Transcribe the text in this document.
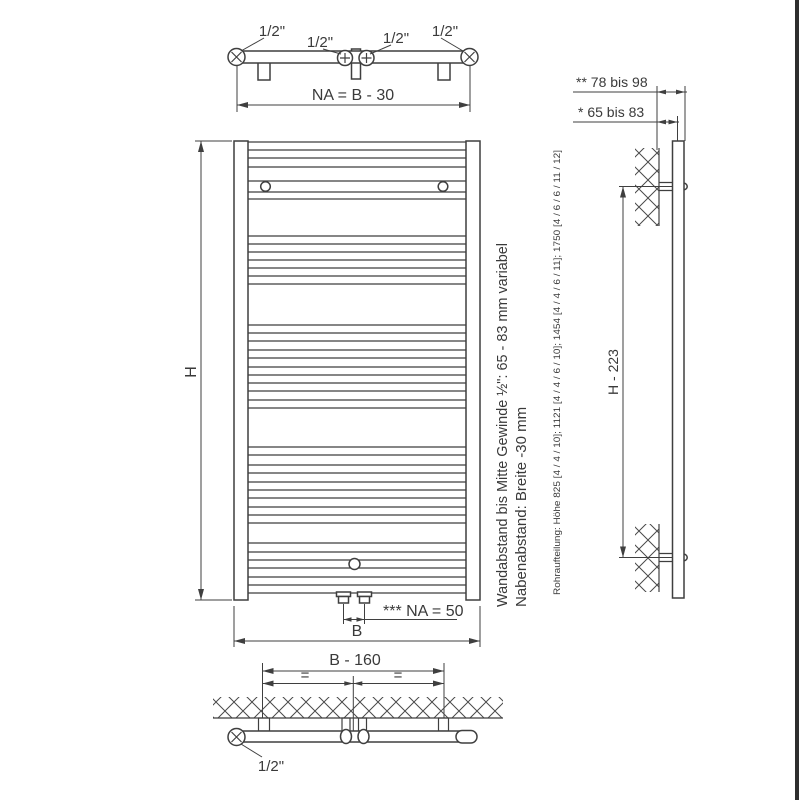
1/2"
1/2"	1/2" 1/2"
NA = B - 30
H
B
*** NA = 50
** 78 bis 98
* 65 bis 83
H - 223
B - 160
=	=
1/2"
Wandabstand bis Mitte Gewinde ½": 65 - 83 mm variabel Nabenabstand: Breite -30 mm Rohraufteilung: Höhe 825 [4 / 4 / 10]; 1121 [4 / 4 / 6 / 10]; 1454 [4 / 4 / 6 / 11]; 1750 [4 / 6 / 6 / 11 / 12]
